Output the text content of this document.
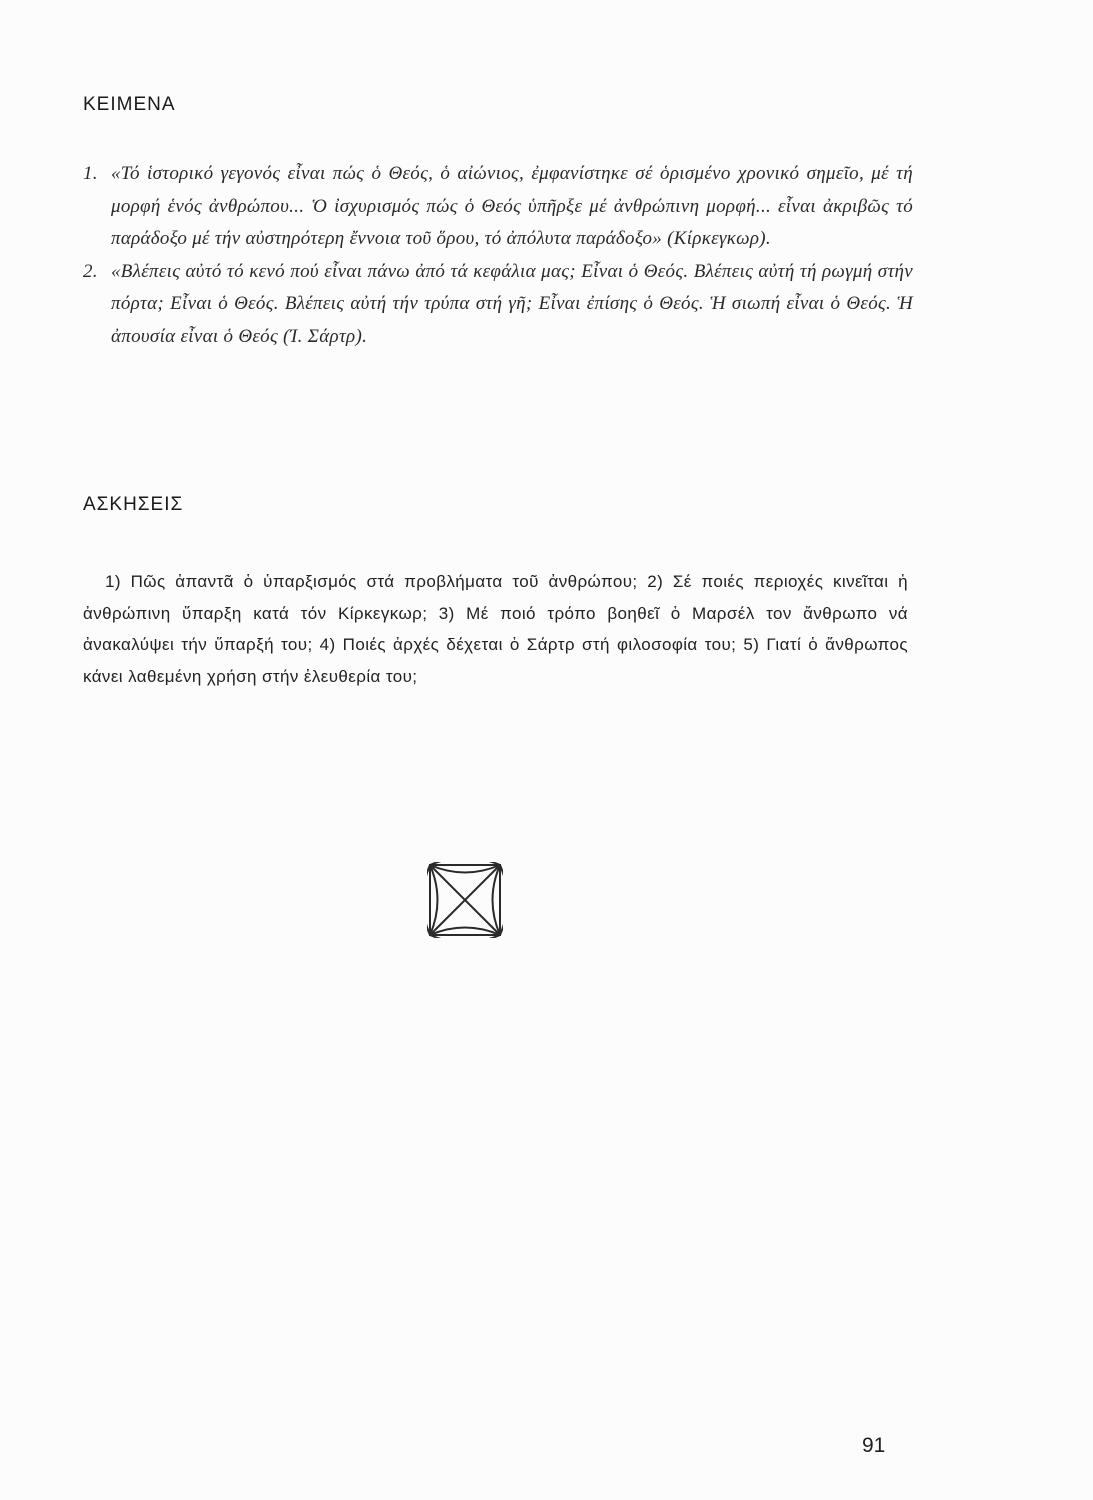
ΚΕΙΜΕΝΑ
1. «Τό ἱστορικό γεγονός εἶναι πώς ὁ Θεός, ὁ αἰώνιος, ἐμφανίστηκε σέ ὁρισμένο χρονικό σημεῖο, μέ τή μορφή ἑνός ἀνθρώπου... Ὁ ἰσχυρισμός πώς ὁ Θεός ὑπῆρξε μέ ἀνθρώπινη μορφή... εἶναι ἀκριβῶς τό παράδοξο μέ τήν αὐστηρότερη ἔννοια τοῦ ὅρου, τό ἀπόλυτα παράδοξο» (Κίρκεγκωρ).
2. «Βλέπεις αὐτό τό κενό πού εἶναι πάνω ἀπό τά κεφάλια μας; Εἶναι ὁ Θεός. Βλέπεις αὐτή τή ρωγμή στήν πόρτα; Εἶναι ὁ Θεός. Βλέπεις αὐτή τήν τρύπα στή γῆ; Εἶναι ἐπίσης ὁ Θεός. Ἡ σιωπή εἶναι ὁ Θεός. Ἡ ἀπουσία εἶναι ὁ Θεός (Ί. Σάρτρ).
ΑΣΚΗΣΕΙΣ

1) Πῶς ἀπαντᾶ ὁ ὑπαρξισμός στά προβλήματα τοῦ ἀνθρώπου; 2) Σέ ποιές περιοχές κινεῖται ἡ ἀνθρώπινη ὕπαρξη κατά τόν Κίρκεγκωρ; 3) Μέ ποιό τρόπο βοηθεῖ ὁ Μαρσέλ τον ἄνθρωπο νά ἀνακαλύψει τήν ὕπαρξή του; 4) Ποιές ἀρχές δέχεται ὁ Σάρτρ στή φιλοσοφία του; 5) Γιατί ὁ ἄνθρωπος κάνει λαθεμένη χρήση στήν ἐλευθερία του;

91
